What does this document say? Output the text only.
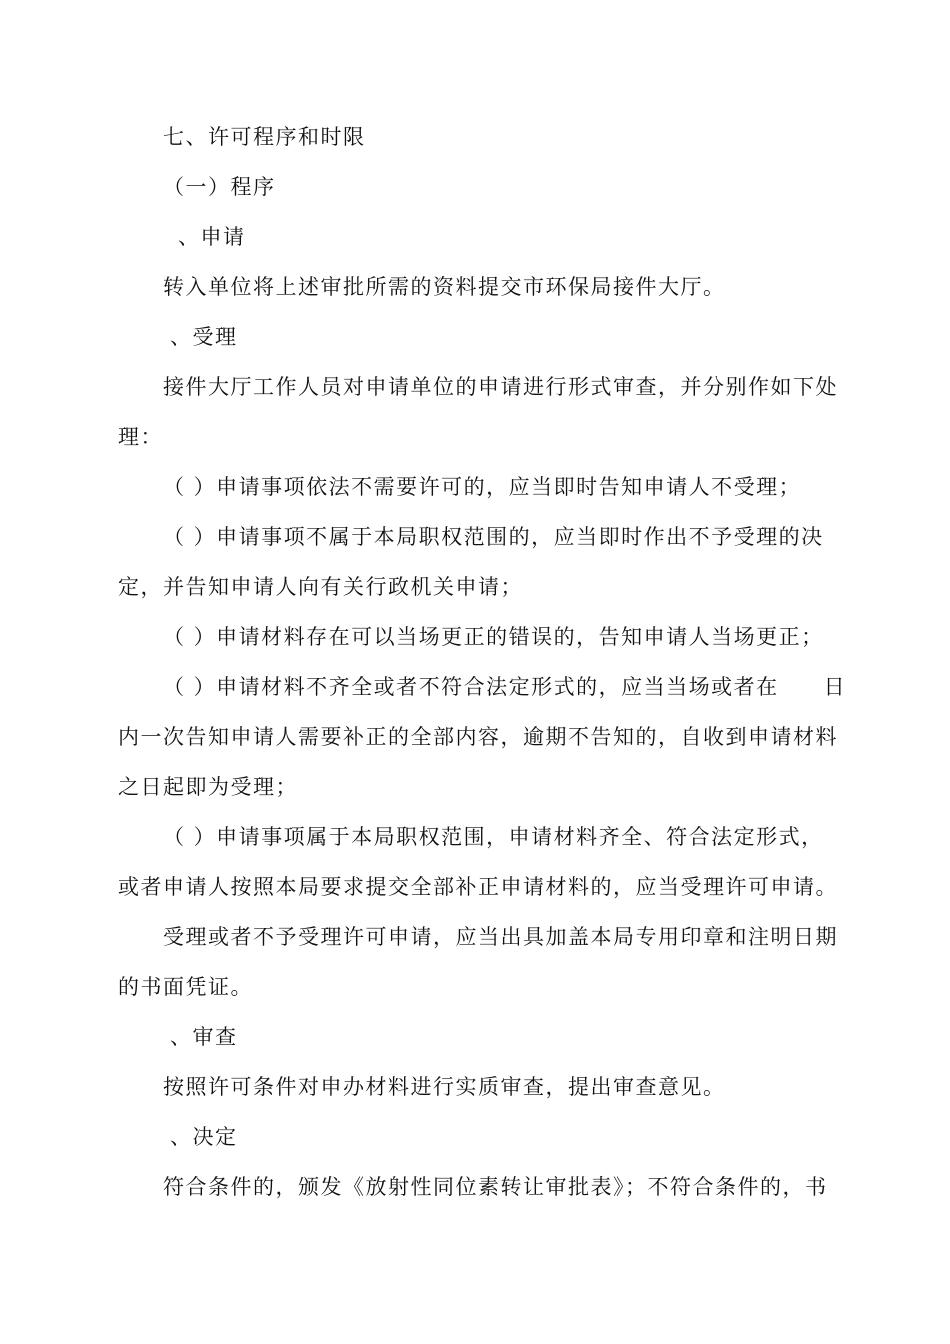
七、许可程序和时限
（一）程序
、申请
转入单位将上述审批所需的资料提交市环保局接件大厅。
、受理
接件大厅工作人员对申请单位的申请进行形式审查，并分别作如下处
理：
（ ）申请事项依法不需要许可的，应当即时告知申请人不受理；
（ ）申请事项不属于本局职权范围的，应当即时作出不予受理的决
定，并告知申请人向有关行政机关申请；
（ ）申请材料存在可以当场更正的错误的，告知申请人当场更正；
（ ）申请材料不齐全或者不符合法定形式的，应当当场或者在　　日
内一次告知申请人需要补正的全部内容，逾期不告知的，自收到申请材料
之日起即为受理；
（ ）申请事项属于本局职权范围，申请材料齐全、符合法定形式，
或者申请人按照本局要求提交全部补正申请材料的，应当受理许可申请。
受理或者不予受理许可申请，应当出具加盖本局专用印章和注明日期
的书面凭证。
、审查
按照许可条件对申办材料进行实质审查，提出审查意见。
、决定
符合条件的，颁发《放射性同位素转让审批表》；不符合条件的，书
